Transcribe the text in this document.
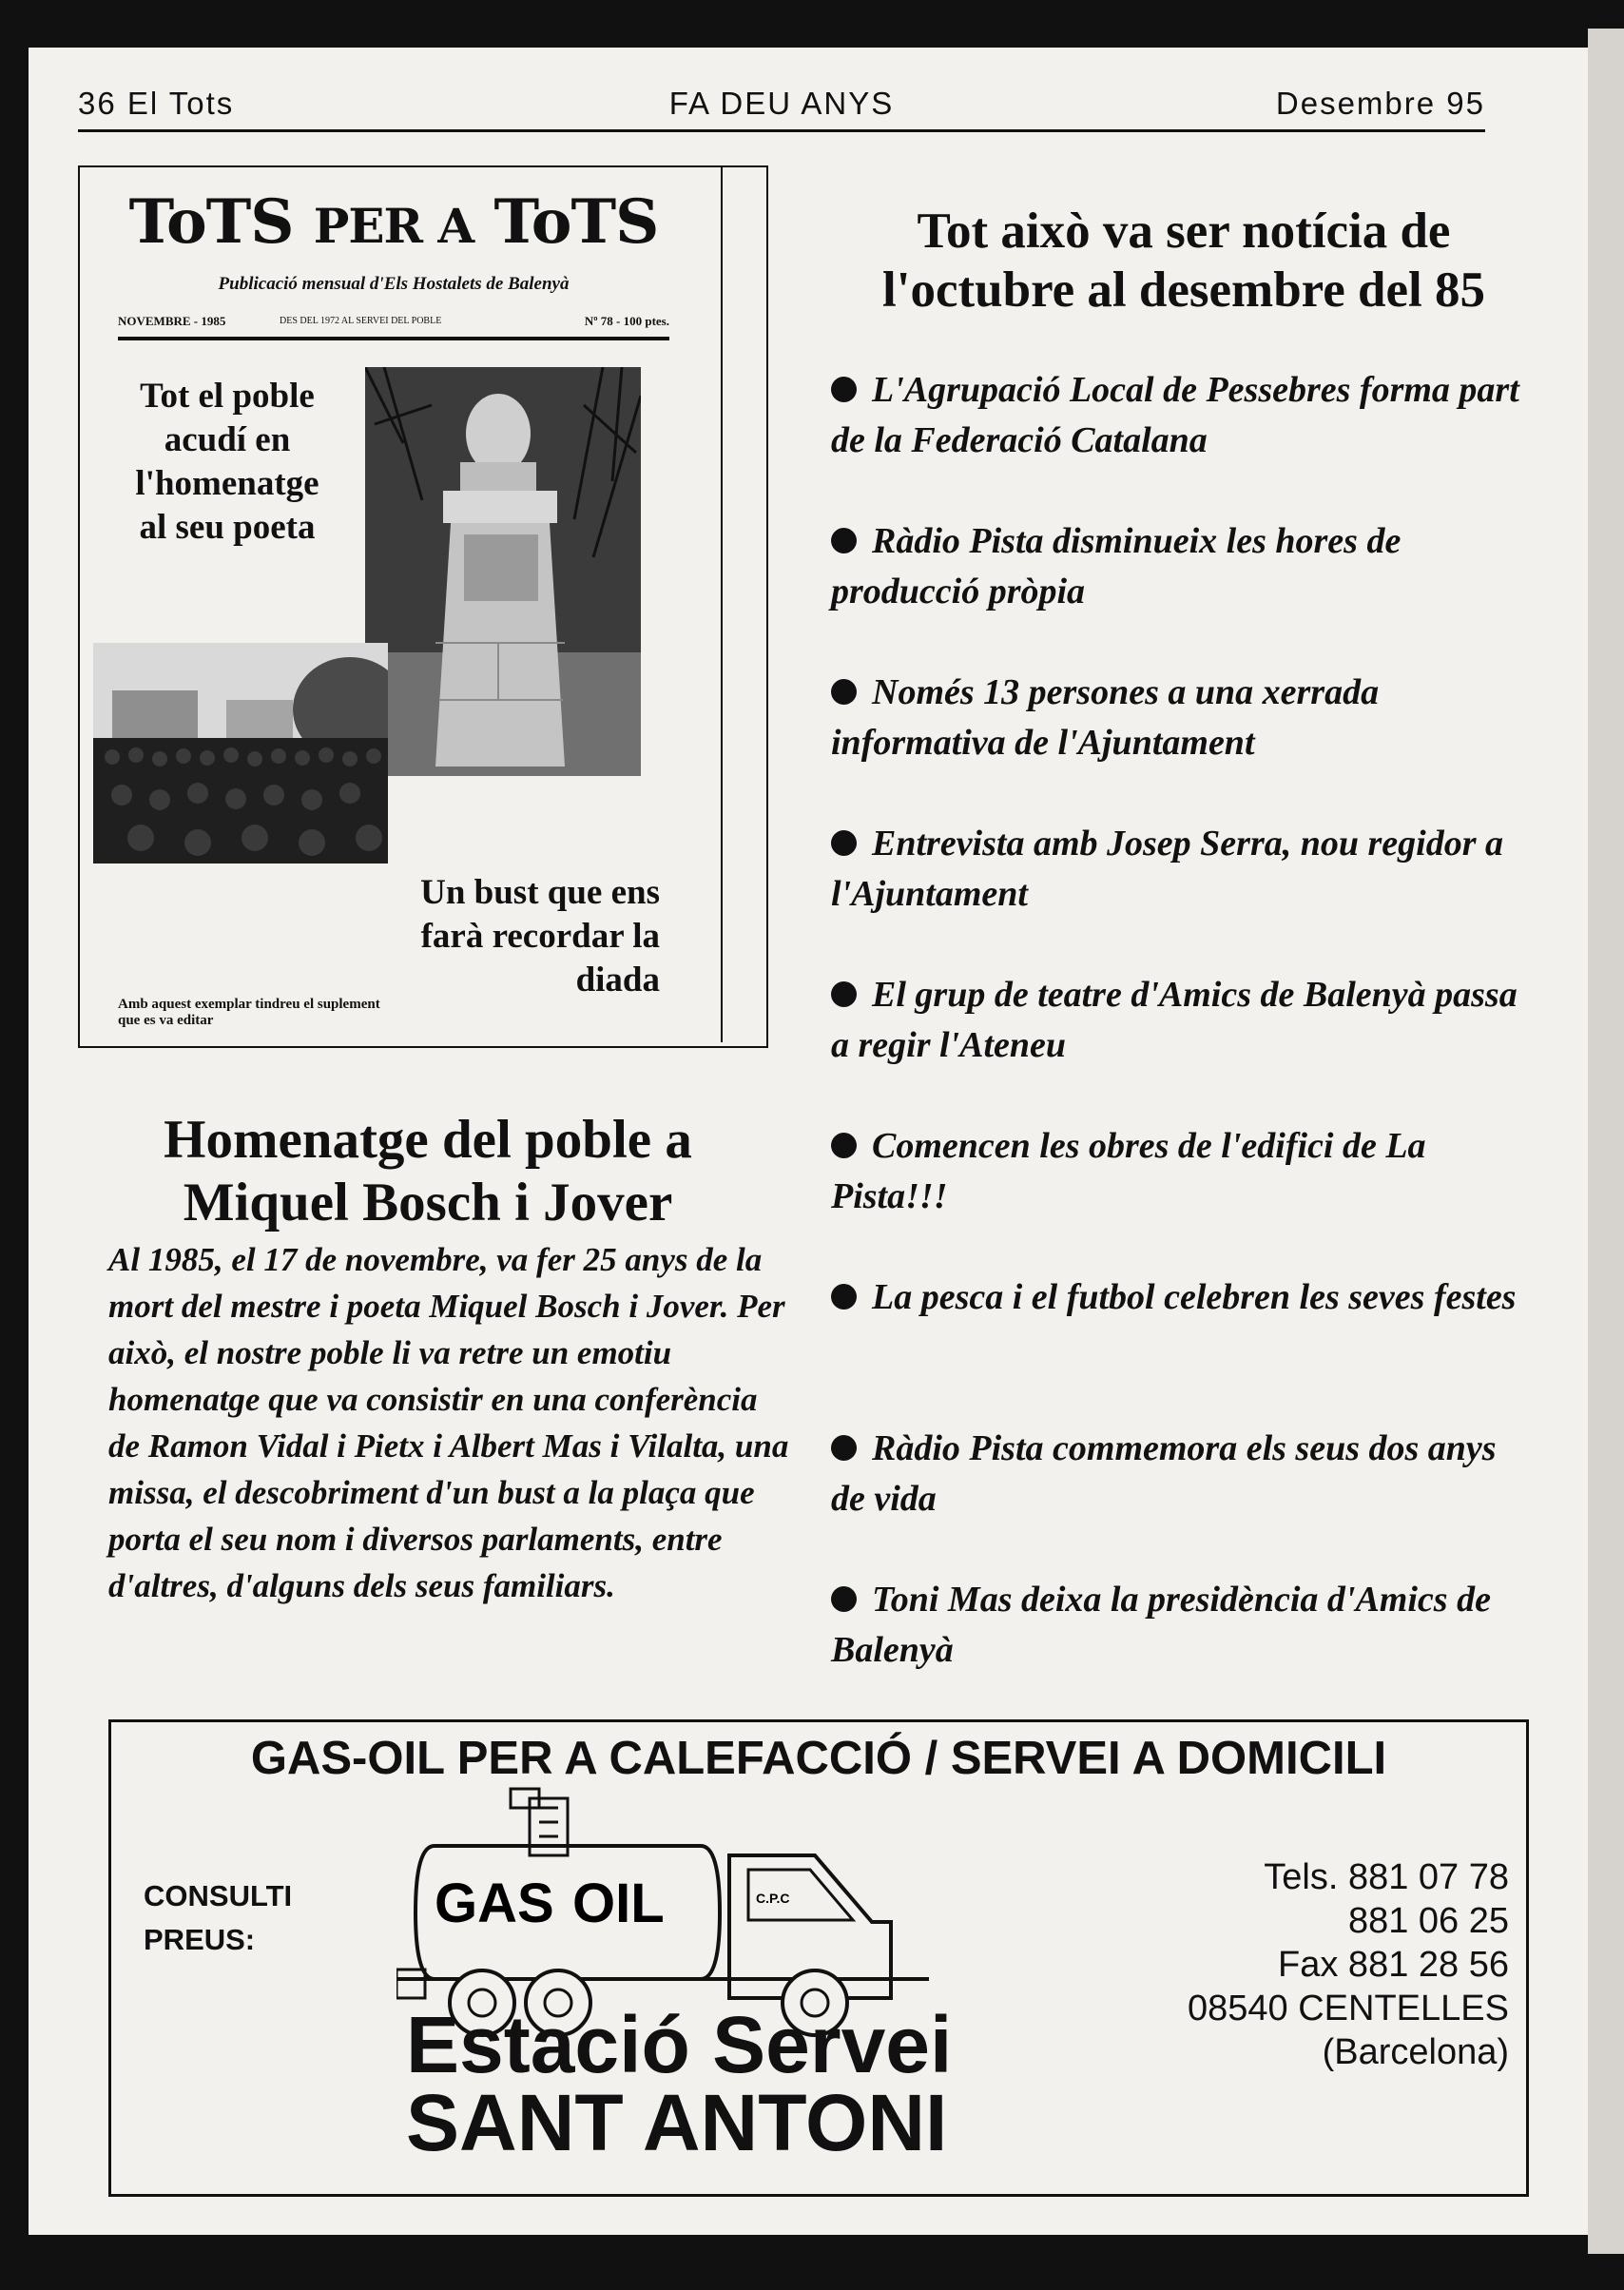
36 El Tots	FA DEU ANYS	Desembre 95
ToTS PER A ToTS
Publicació mensual d'Els Hostalets de Balenyà
NOVEMBRE - 1985	DES DEL 1972 AL SERVEI DEL POBLE	Nº 78 - 100 ptes.
Tot el poble acudí en l'homenatge al seu poeta
Un bust que ens farà recordar la diada
Amb aquest exemplar tindreu el suplement que es va editar
Homenatge del poble a Miquel Bosch i Jover
Al 1985, el 17 de novembre, va fer 25 anys de la mort del mestre i poeta Miquel Bosch i Jover. Per això, el nostre poble li va retre un emotiu homenatge que va consistir en una conferència de Ramon Vidal i Pietx i Albert Mas i Vilalta, una missa, el descobriment d'un bust a la plaça que porta el seu nom i diversos parlaments, entre d'altres, d'alguns dels seus familiars.
Tot això va ser notícia de l'octubre al desembre del 85
L'Agrupació Local de Pessebres forma part de la Federació Catalana
Ràdio Pista disminueix les hores de producció pròpia
Només 13 persones a una xerrada informativa de l'Ajuntament
Entrevista amb Josep Serra, nou regidor a l'Ajuntament
El grup de teatre d'Amics de Balenyà passa a regir l'Ateneu
Comencen les obres de l'edifici de La Pista!!!
La pesca i el futbol celebren les seves festes
Ràdio Pista commemora els seus dos anys de vida
Toni Mas deixa la presidència d'Amics de Balenyà
GAS-OIL PER A CALEFACCIÓ / SERVEI A DOMICILI
CONSULTI PREUS:
GAS OIL	C.P.C
Estació Servei
SANT ANTONI
Tels. 881 07 78
881 06 25
Fax 881 28 56
08540 CENTELLES
(Barcelona)
